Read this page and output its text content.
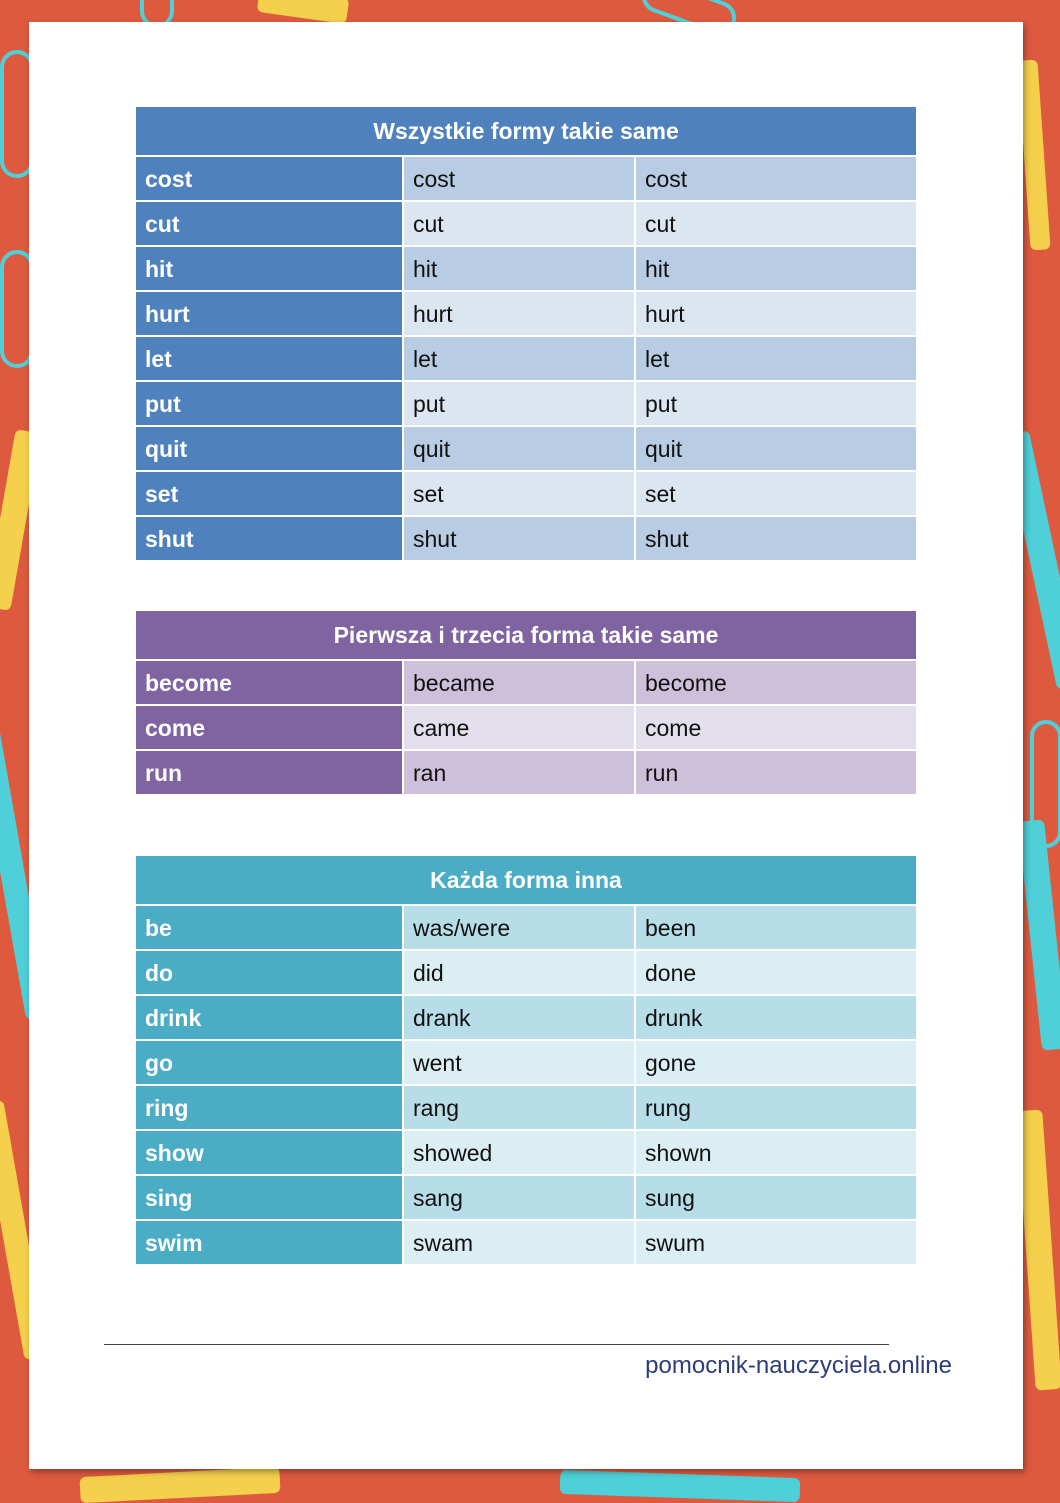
Wszystkie formy takie same		
cost	cost	cost
cut	cut	cut
hit	hit	hit
hurt	hurt	hurt
let	let	let
put	put	put
quit	quit	quit
set	set	set
shut	shut	shut
Pierwsza i trzecia forma takie same		
become	became	become
come	came	come
run	ran	run
Każda forma inna		
be	was/were	been
do	did	done
drink	drank	drunk
go	went	gone
ring	rang	rung
show	showed	shown
sing	sang	sung
swim	swam	swum
pomocnik-nauczyciela.online
